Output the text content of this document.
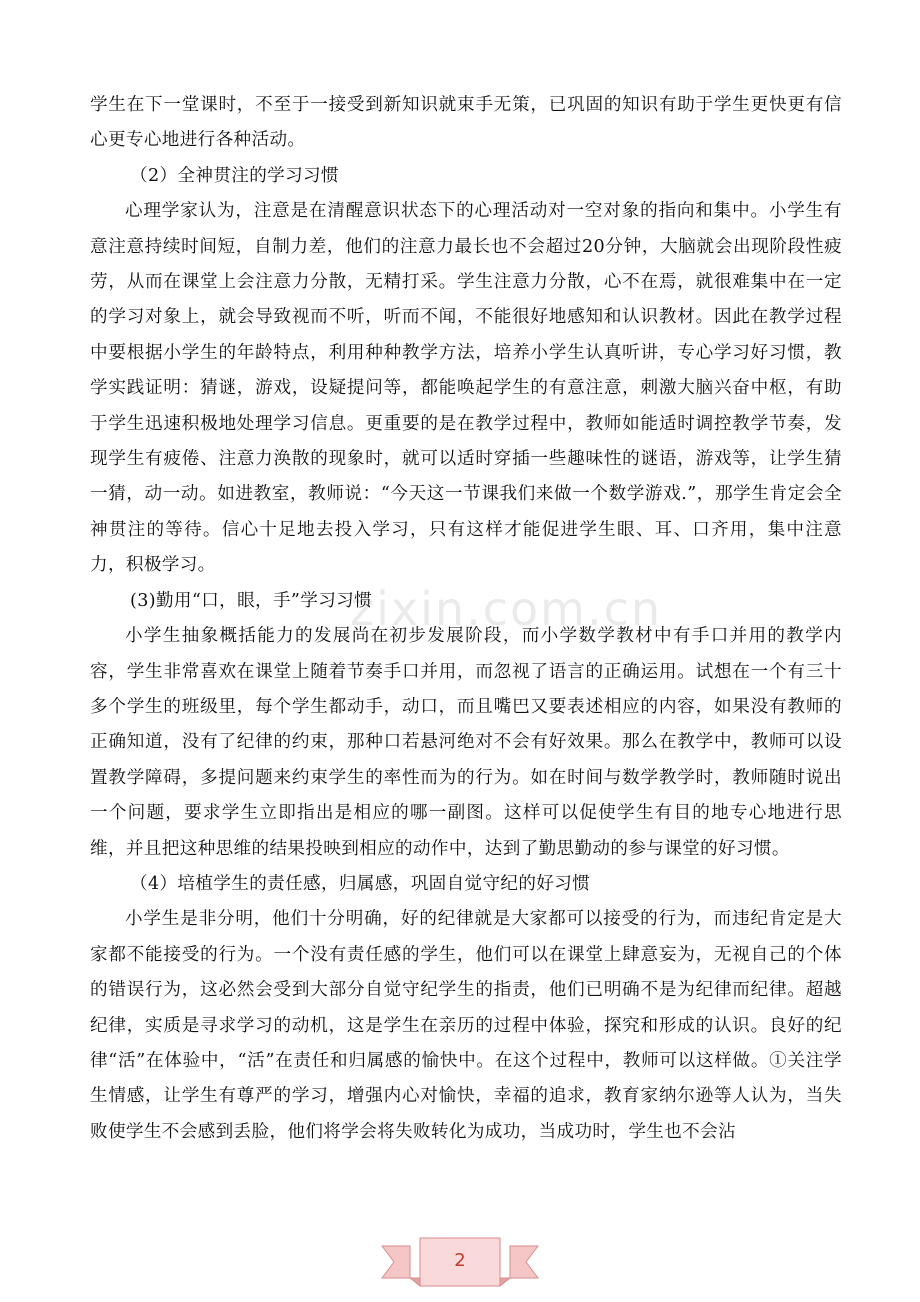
学生在下一堂课时，不至于一接受到新知识就束手无策，已巩固的知识有助于学生更快更有信心更专心地进行各种活动。

（2）全神贯注的学习习惯

心理学家认为，注意是在清醒意识状态下的心理活动对一空对象的指向和集中。小学生有意注意持续时间短，自制力差，他们的注意力最长也不会超过20分钟，大脑就会出现阶段性疲劳，从而在课堂上会注意力分散，无精打采。学生注意力分散，心不在焉，就很难集中在一定的学习对象上，就会导致视而不听，听而不闻，不能很好地感知和认识教材。因此在教学过程中要根据小学生的年龄特点，利用种种教学方法，培养小学生认真听讲，专心学习好习惯，教学实践证明：猜谜，游戏，设疑提问等，都能唤起学生的有意注意，刺激大脑兴奋中枢，有助于学生迅速积极地处理学习信息。更重要的是在教学过程中，教师如能适时调控教学节奏，发现学生有疲倦、注意力涣散的现象时，就可以适时穿插一些趣味性的谜语，游戏等，让学生猜一猜，动一动。如进教室，教师说：“今天这一节课我们来做一个数学游戏.”，那学生肯定会全神贯注的等待。信心十足地去投入学习，只有这样才能促进学生眼、耳、口齐用，集中注意力，积极学习。

(3)勤用“口，眼，手”学习习惯

小学生抽象概括能力的发展尚在初步发展阶段，而小学数学教材中有手口并用的教学内容，学生非常喜欢在课堂上随着节奏手口并用，而忽视了语言的正确运用。试想在一个有三十多个学生的班级里，每个学生都动手，动口，而且嘴巴又要表述相应的内容，如果没有教师的正确知道，没有了纪律的约束，那种口若悬河绝对不会有好效果。那么在教学中，教师可以设置教学障碍，多提问题来约束学生的率性而为的行为。如在时间与数学教学时，教师随时说出一个问题，要求学生立即指出是相应的哪一副图。这样可以促使学生有目的地专心地进行思维，并且把这种思维的结果投映到相应的动作中，达到了勤思勤动的参与课堂的好习惯。

（4）培植学生的责任感，归属感，巩固自觉守纪的好习惯

小学生是非分明，他们十分明确，好的纪律就是大家都可以接受的行为，而违纪肯定是大家都不能接受的行为。一个没有责任感的学生，他们可以在课堂上肆意妄为，无视自己的个体的错误行为，这必然会受到大部分自觉守纪学生的指责，他们已明确不是为纪律而纪律。超越纪律，实质是寻求学习的动机，这是学生在亲历的过程中体验，探究和形成的认识。良好的纪律“活”在体验中，“活”在责任和归属感的愉快中。在这个过程中，教师可以这样做。①关注学生情感，让学生有尊严的学习，增强内心对愉快，幸福的追求，教育家纳尔逊等人认为，当失败使学生不会感到丢脸，他们将学会将失败转化为成功，当成功时，学生也不会沾

zixin.com.cn
2
